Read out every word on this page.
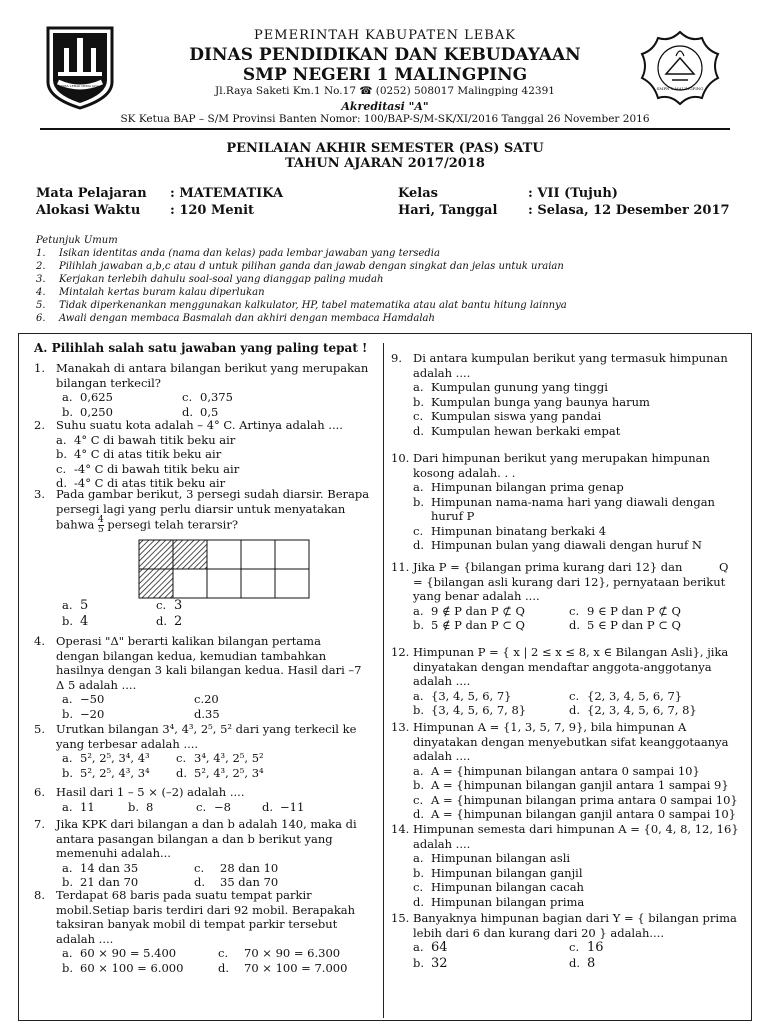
ISRA LEBAK IMMA JAYA	SMPN 1 MALINGPING
PEMERINTAH KABUPATEN LEBAK
DINAS PENDIDIKAN DAN KEBUDAYAAN
SMP NEGERI 1 MALINGPING
Jl.Raya Saketi Km.1 No.17 ☎ (0252) 508017 Malingping 42391
Akreditasi "A"
SK Ketua BAP – S/M Provinsi Banten Nomor: 100/BAP-S/M-SK/XI/2016 Tanggal 26 November 2016
PENILAIAN AKHIR SEMESTER (PAS) SATU
TAHUN AJARAN 2017/2018
Mata Pelajaran : MATEMATIKA
Alokasi Waktu : 120 Menit
Kelas	: VII (Tujuh)
Hari, Tanggal : Selasa, 12 Desember 2017
Petunjuk Umum
1. Isikan identitas anda (nama dan kelas) pada lembar jawaban yang tersedia
2. Pilihlah jawaban a,b,c atau d untuk pilihan ganda dan jawab dengan singkat dan jelas untuk uraian
3. Kerjakan terlebih dahulu soal-soal yang dianggap paling mudah
4. Mintalah kertas buram kalau diperlukan
5. Tidak diperkenankan menggunakan kalkulator, HP, tabel matematika atau alat bantu hitung lainnya
6. Awali dengan membaca Basmalah dan akhiri dengan membaca Hamdalah
A. Pilihlah salah satu jawaban yang paling tepat !
1. Manakah di antara bilangan berikut yang merupakan
bilangan terkecil?
a. 0,625	c. 0,375
b. 0,250	d. 0,5
2. Suhu suatu kota adalah – 4° C. Artinya adalah ....
a. 4° C di bawah titik beku air
b. 4° C di atas titik beku air
c. -4° C di bawah titik beku air
d. -4° C di atas titik beku air
3. Pada gambar berikut, 3 persegi sudah diarsir. Berapa
persegi lagi yang perlu diarsir untuk menyatakan
bahwa $\frac{4}{5}$ persegi telah terarsir?
a. 5	c. 3
b. 4	d. 2
4. Operasi "Δ" berarti kalikan bilangan pertama
dengan bilangan kedua, kemudian tambahkan
hasilnya dengan 3 kali bilangan kedua. Hasil dari –7
Δ 5 adalah ....
a. −50	c.20
b. −20	d.35
5. Urutkan bilangan 3⁴, 4³, 2⁵, 5² dari yang terkecil ke
yang terbesar adalah ....
a. 5², 2⁵, 3⁴, 4³ c. 3⁴, 4³, 2⁵, 5²
b. 5², 2⁵, 4³, 3⁴ d. 5², 4³, 2⁵, 3⁴
6. Hasil dari 1 – 5 × (–2) adalah ....
a. 11	b. 8	c. −8	d. −11
7. Jika KPK dari bilangan a dan b adalah 140, maka di
antara pasangan bilangan a dan b berikut yang
memenuhi adalah...
a. 14 dan 35	c. 28 dan 10
b. 21 dan 70	d. 35 dan 70
8. Terdapat 68 baris pada suatu tempat parkir
mobil.Setiap baris terdiri dari 92 mobil. Berapakah
taksiran banyak mobil di tempat parkir tersebut
adalah ....
a. 60 × 90 = 5.400	c. 70 × 90 = 6.300
b. 60 × 100 = 6.000	d. 70 × 100 = 7.000
9. Di antara kumpulan berikut yang termasuk himpunan
adalah ....
a. Kumpulan gunung yang tinggi
b. Kumpulan bunga yang baunya harum
c. Kumpulan siswa yang pandai
d. Kumpulan hewan berkaki empat
10. Dari himpunan berikut yang merupakan himpunan
kosong adalah. . .
a. Himpunan bilangan prima genap
b. Himpunan nama-nama hari yang diawali dengan
huruf P
c. Himpunan binatang berkaki 4
d. Himpunan bulan yang diawali dengan huruf N
11. Jika P = {bilangan prima kurang dari 12} dan          Q
= {bilangan asli kurang dari 12}, pernyataan berikut
yang benar adalah ....
a. 9 ∉ P dan P ⊄ Q	c. 9 ∈ P dan P ⊄ Q
b. 5 ∉ P dan P ⊂ Q	d. 5 ∈ P dan P ⊂ Q
12. Himpunan P = { x | 2 ≤ x ≤ 8, x ∈ Bilangan Asli}, jika
dinyatakan dengan mendaftar anggota-anggotanya
adalah ....
a. {3, 4, 5, 6, 7}	c. {2, 3, 4, 5, 6, 7}
b. {3, 4, 5, 6, 7, 8}	d. {2, 3, 4, 5, 6, 7, 8}
13. Himpunan A = {1, 3, 5, 7, 9}, bila himpunan A
dinyatakan dengan menyebutkan sifat keanggotaanya
adalah ....
a. A = {himpunan bilangan antara 0 sampai 10}
b. A = {himpunan bilangan ganjil antara 1 sampai 9}
c. A = {himpunan bilangan prima antara 0 sampai 10}
d. A = {himpunan bilangan ganjil antara 0 sampai 10}
14. Himpunan semesta dari himpunan A = {0, 4, 8, 12, 16}
adalah ....
a. Himpunan bilangan asli
b. Himpunan bilangan ganjil
c. Himpunan bilangan cacah
d. Himpunan bilangan prima
15. Banyaknya himpunan bagian dari Y = { bilangan prima
lebih dari 6 dan kurang dari 20 } adalah....
a. 64	c. 16
b. 32	d. 8
